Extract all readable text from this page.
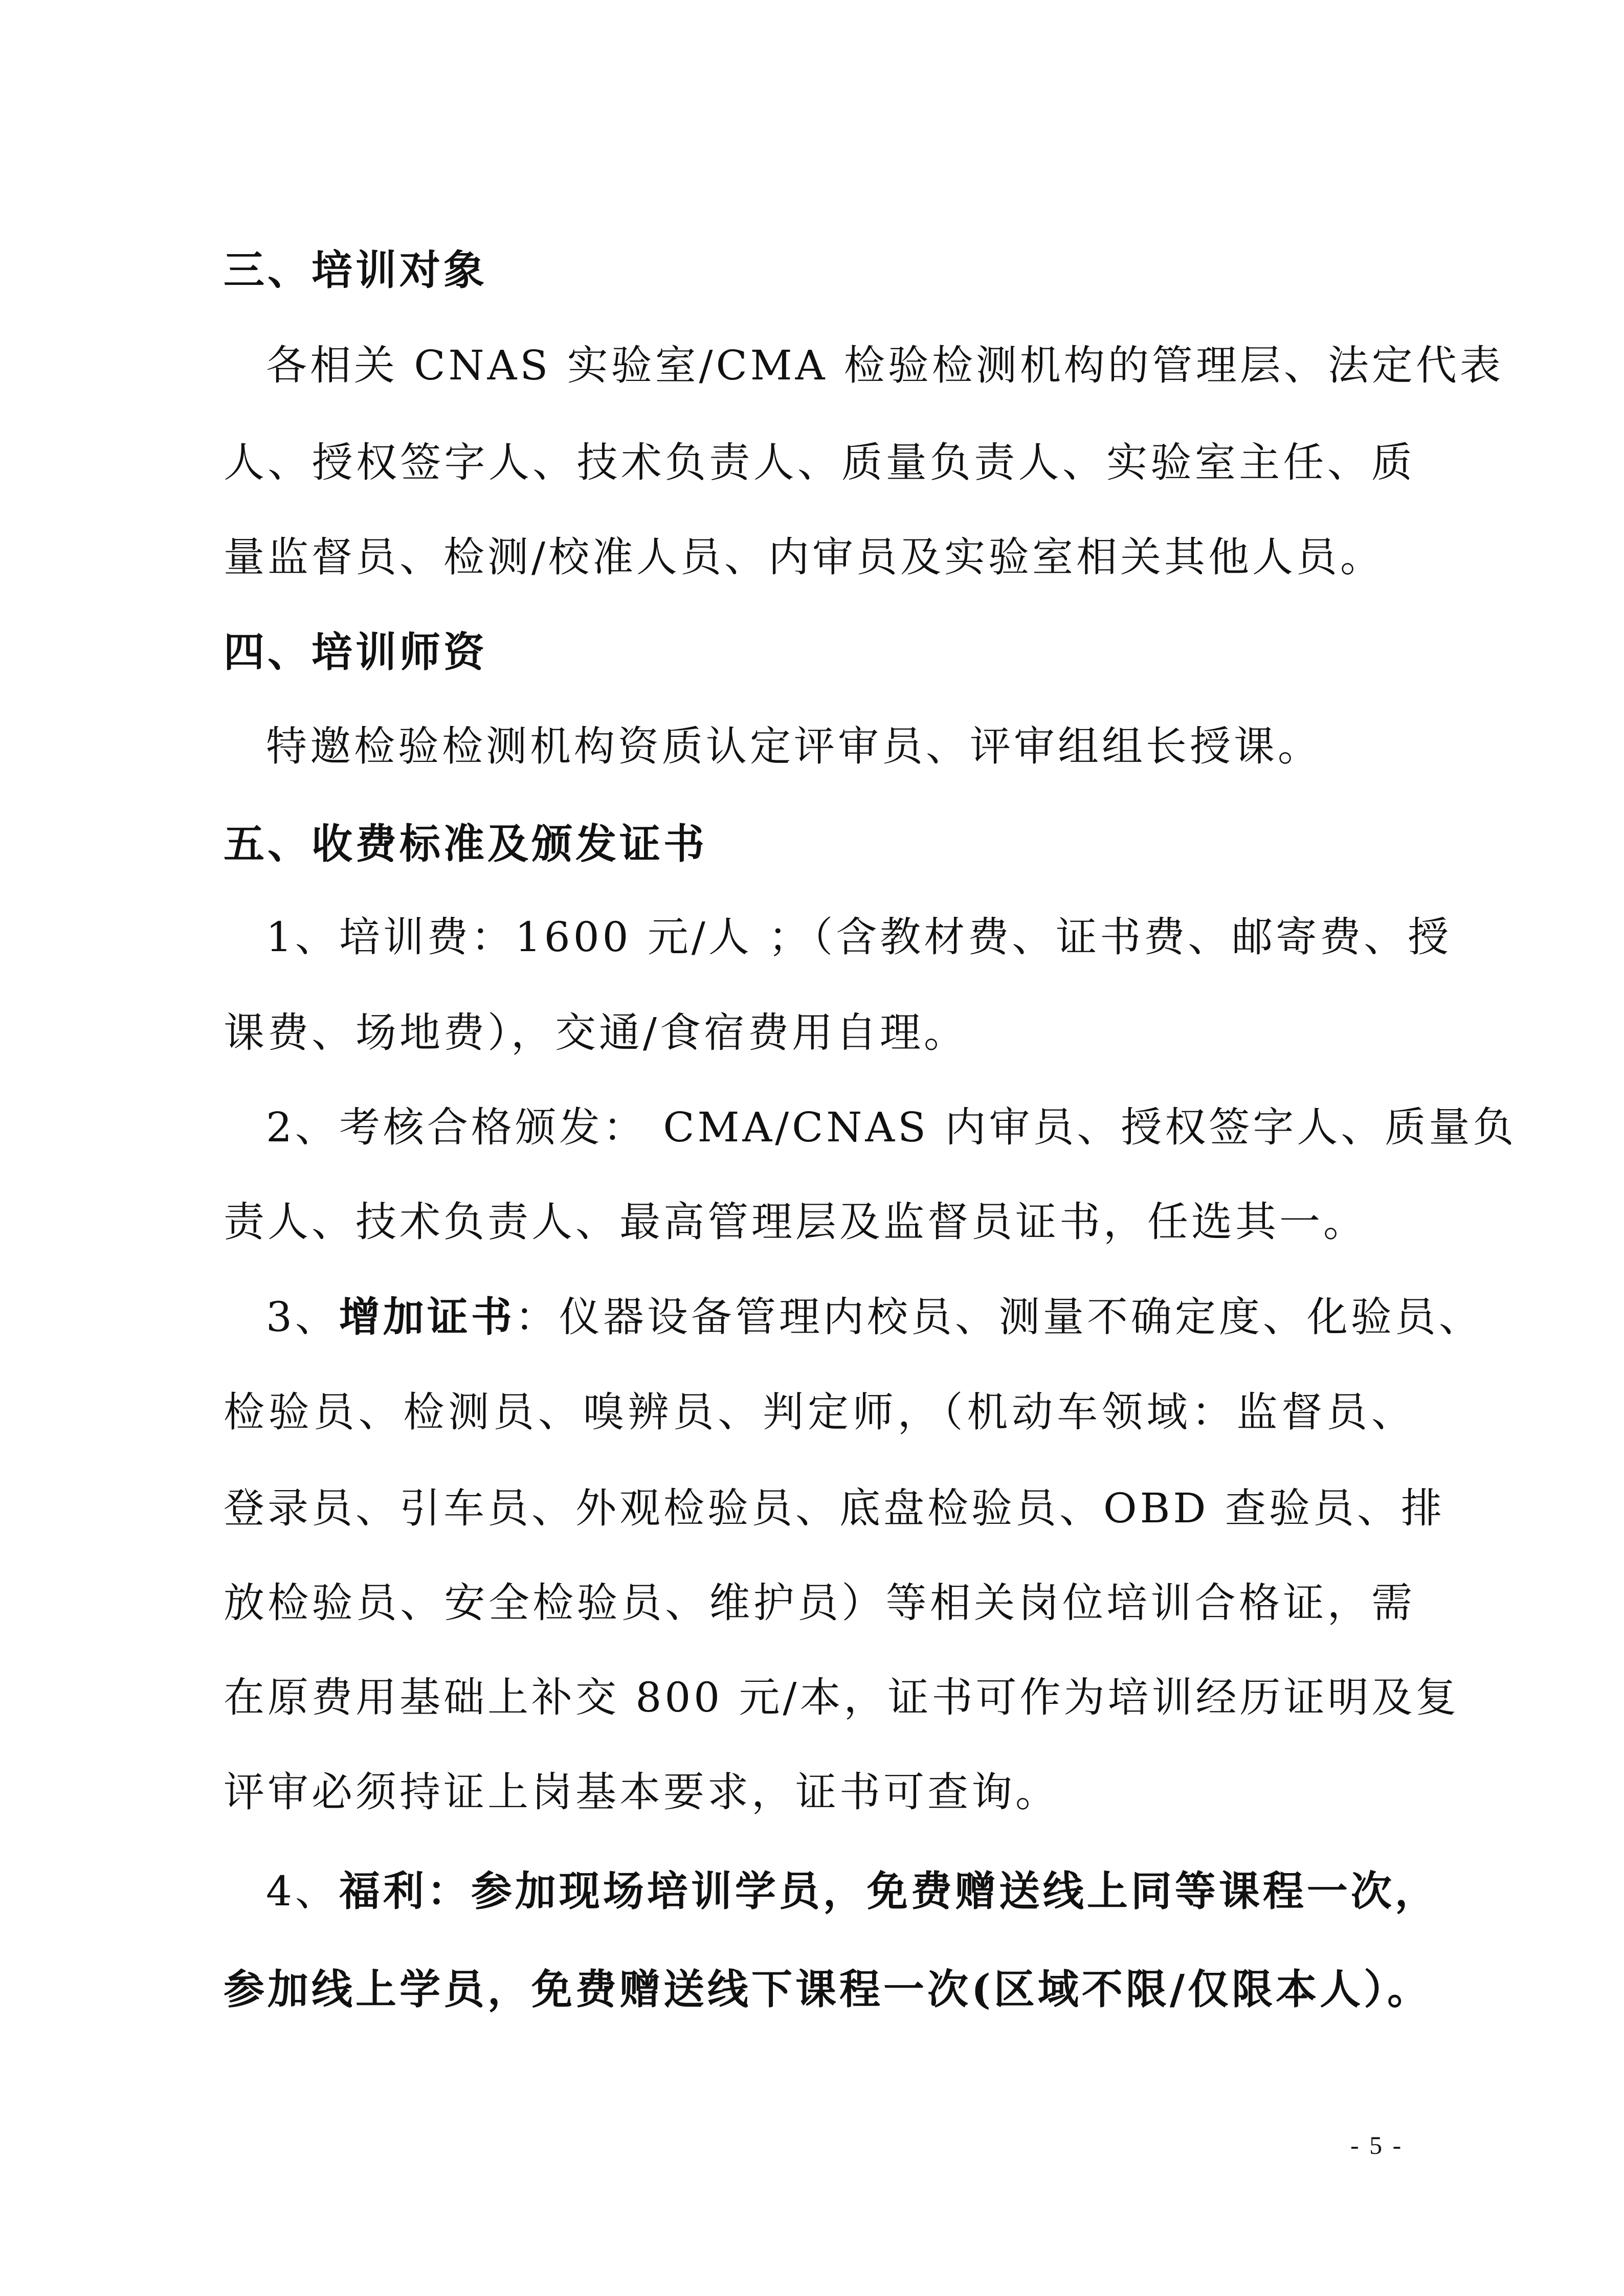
三、培训对象
各相关 CNAS 实验室/CMA 检验检测机构的管理层、法定代表
人、授权签字人、技术负责人、质量负责人、实验室主任、质
量监督员、检测/校准人员、内审员及实验室相关其他人员。
四、培训师资
特邀检验检测机构资质认定评审员、评审组组长授课。
五、收费标准及颁发证书
1、培训费：1600 元/人 ；（含教材费、证书费、邮寄费、授
课费、场地费），交通/食宿费用自理。
2、考核合格颁发： CMA/CNAS 内审员、授权签字人、质量负
责人、技术负责人、最高管理层及监督员证书，任选其一。
3、增加证书：仪器设备管理内校员、测量不确定度、化验员、
检验员、检测员、嗅辨员、判定师，（机动车领域：监督员、
登录员、引车员、外观检验员、底盘检验员、OBD 查验员、排
放检验员、安全检验员、维护员）等相关岗位培训合格证，需
在原费用基础上补交 800 元/本，证书可作为培训经历证明及复
评审必须持证上岗基本要求，证书可查询。
4、福利：参加现场培训学员，免费赠送线上同等课程一次，
参加线上学员，免费赠送线下课程一次(区域不限/仅限本人）。
- 5 -
